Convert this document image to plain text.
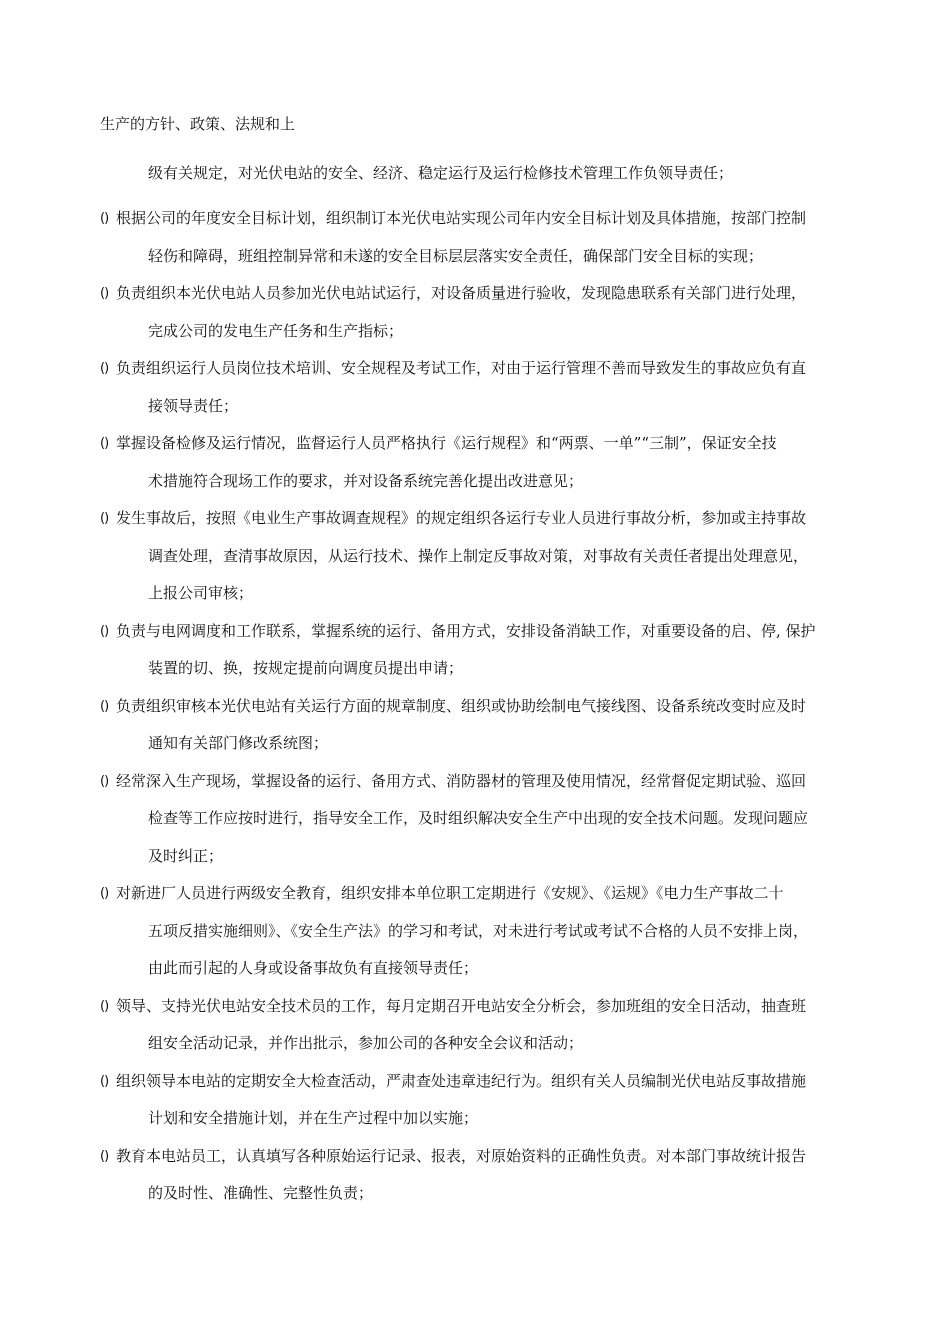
生产的方针、政策、法规和上
级有关规定，对光伏电站的安全、经济、稳定运行及运行检修技术管理工作负领导责任；
() 根据公司的年度安全目标计划，组织制订本光伏电站实现公司年内安全目标计划及具体措施，按部门控制
轻伤和障碍，班组控制异常和未遂的安全目标层层落实安全责任，确保部门安全目标的实现；
() 负责组织本光伏电站人员参加光伏电站试运行，对设备质量进行验收，发现隐患联系有关部门进行处理，
完成公司的发电生产任务和生产指标；
() 负责组织运行人员岗位技术培训、安全规程及考试工作，对由于运行管理不善而导致发生的事故应负有直
接领导责任；
() 掌握设备检修及运行情况，监督运行人员严格执行《运行规程》和“两票、一单”“三制”，保证安全技
术措施符合现场工作的要求，并对设备系统完善化提出改进意见；
() 发生事故后，按照《电业生产事故调查规程》的规定组织各运行专业人员进行事故分析，参加或主持事故
调查处理，查清事故原因，从运行技术、操作上制定反事故对策，对事故有关责任者提出处理意见，
上报公司审核；
() 负责与电网调度和工作联系，掌握系统的运行、备用方式，安排设备消缺工作，对重要设备的启、停, 保护
装置的切、换，按规定提前向调度员提出申请；
() 负责组织审核本光伏电站有关运行方面的规章制度、组织或协助绘制电气接线图、设备系统改变时应及时
通知有关部门修改系统图；
() 经常深入生产现场，掌握设备的运行、备用方式、消防器材的管理及使用情况，经常督促定期试验、巡回
检查等工作应按时进行，指导安全工作，及时组织解决安全生产中出现的安全技术问题。发现问题应
及时纠正；
() 对新进厂人员进行两级安全教育，组织安排本单位职工定期进行《安规》、《运规》《电力生产事故二十
五项反措实施细则》、《安全生产法》的学习和考试，对未进行考试或考试不合格的人员不安排上岗，
由此而引起的人身或设备事故负有直接领导责任；
() 领导、支持光伏电站安全技术员的工作，每月定期召开电站安全分析会，参加班组的安全日活动，抽查班
组安全活动记录，并作出批示，参加公司的各种安全会议和活动；
() 组织领导本电站的定期安全大检查活动，严肃查处违章违纪行为。组织有关人员编制光伏电站反事故措施
计划和安全措施计划，并在生产过程中加以实施；
() 教育本电站员工，认真填写各种原始运行记录、报表，对原始资料的正确性负责。对本部门事故统计报告
的及时性、准确性、完整性负责；
